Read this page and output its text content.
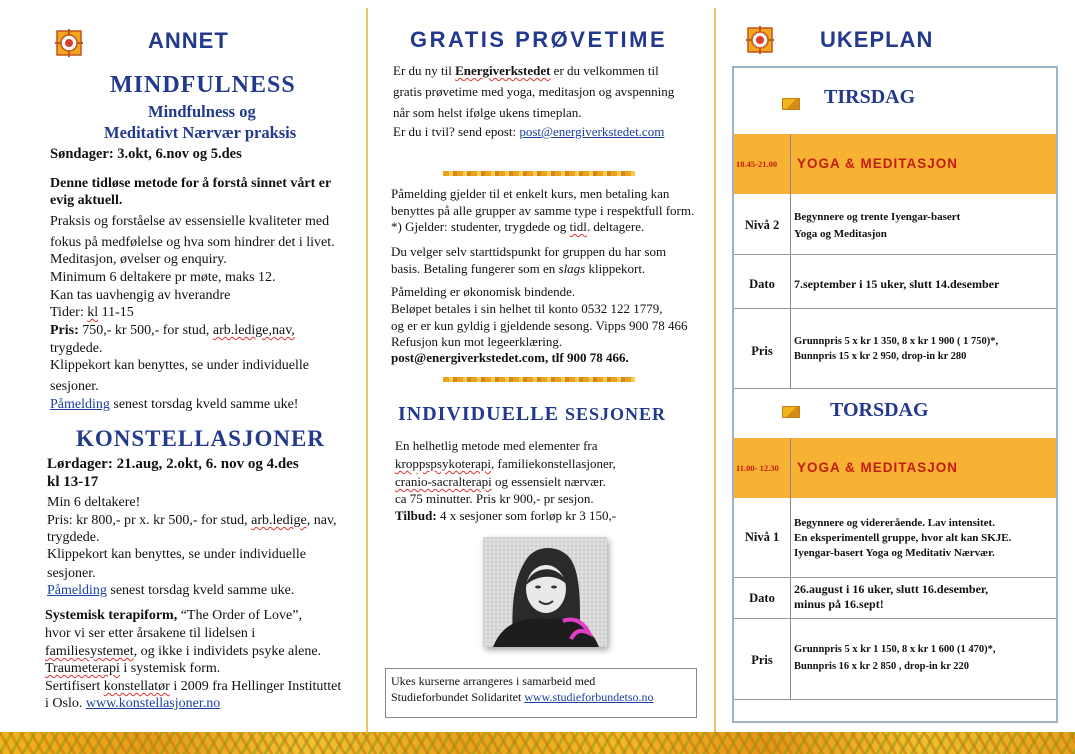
ANNET
MINDFULNESS
Mindfulness og
Meditativt Nærvær praksis
Søndager: 3.okt, 6.nov og 5.des
Denne tidløse metode for å forstå sinnet vårt er
evig aktuell.
Praksis og forståelse av essensielle kvaliteter med
fokus på medfølelse og hva som hindrer det i livet.
Meditasjon, øvelser og enquiry.
Minimum 6 deltakere pr møte, maks 12.
Kan tas uavhengig av hverandre
Tider: kl 11-15
Pris: 750,- kr 500,- for stud, arb.ledige,nav,
trygdede.
Klippekort kan benyttes, se under individuelle
sesjoner.
Påmelding senest torsdag kveld samme uke!
KONSTELLASJONER
Lørdager: 21.aug, 2.okt, 6. nov og 4.des
kl 13-17
Min 6 deltakere!
Pris: kr 800,- pr x. kr 500,- for stud, arb.ledige, nav,
trygdede.
Klippekort kan benyttes, se under individuelle
sesjoner.
Påmelding senest torsdag kveld samme uke.
Systemisk terapiform, “The Order of Love”,
hvor vi ser etter årsakene til lidelsen i
familiesystemet, og ikke i individets psyke alene.
Traumeterapi i systemisk form.
Sertifisert konstellatør i 2009 fra Hellinger Instituttet
i Oslo. www.konstellasjoner.no
GRATIS PRØVETIME
Er du ny til Energiverkstedet er du velkommen til
gratis prøvetime med yoga, meditasjon og avspenning
når som helst ifølge ukens timeplan.
Er du i tvil? send epost: post@energiverkstedet.com
Påmelding gjelder til et enkelt kurs, men betaling kan
benyttes på alle grupper av samme type i respektfull form.
*) Gjelder: studenter, trygdede og tidl. deltagere.
Du velger selv starttidspunkt for gruppen du har som
basis. Betaling fungerer som en slags klippekort.
Påmelding er økonomisk bindende.
Beløpet betales i sin helhet til konto 0532 122 1779,
og er er kun gyldig i gjeldende sesong. Vipps 900 78 466
Refusjon kun mot legeerklæring.
post@energiverkstedet.com, tlf 900 78 466.
INDIVIDUELLE SESJONER
En helhetlig metode med elementer fra
kroppspsykoterapi, familiekonstellasjoner,
cranio-sacralterapi og essensielt nærvær.
ca 75 minutter. Pris kr 900,- pr sesjon.
Tilbud: 4 x sesjoner som forløp kr 3 150,-
Ukes kurserne arrangeres i samarbeid med
Studieforbundet Solidaritet www.studieforbundetso.no
UKEPLAN
TIRSDAG
18.45-21.00 YOGA & MEDITASJON
Nivå 2
Begynnere og trente Iyengar-basert
Yoga og Meditasjon
Dato	7.september i 15 uker, slutt 14.desember
Pris
Grunnpris 5 x kr 1 350, 8 x kr 1 900 ( 1 750)*,
Bunnpris 15 x kr 2 950, drop-in kr 280
TORSDAG
11.00- 12.30 YOGA & MEDITASJON
Nivå 1
Begynnere og viderегående. Lav intensitet.
En eksperimentell gruppe, hvor alt kan SKJE.
Iyengar-basert Yoga og Meditativ Nærvær.
Dato
26.august i 16 uker, slutt 16.desember,
minus på 16.sept!
Pris
Grunnpris 5 x kr 1 150, 8 x kr 1 600 (1 470)*,
Bunnpris 16 x kr 2 850 , drop-in kr 220
